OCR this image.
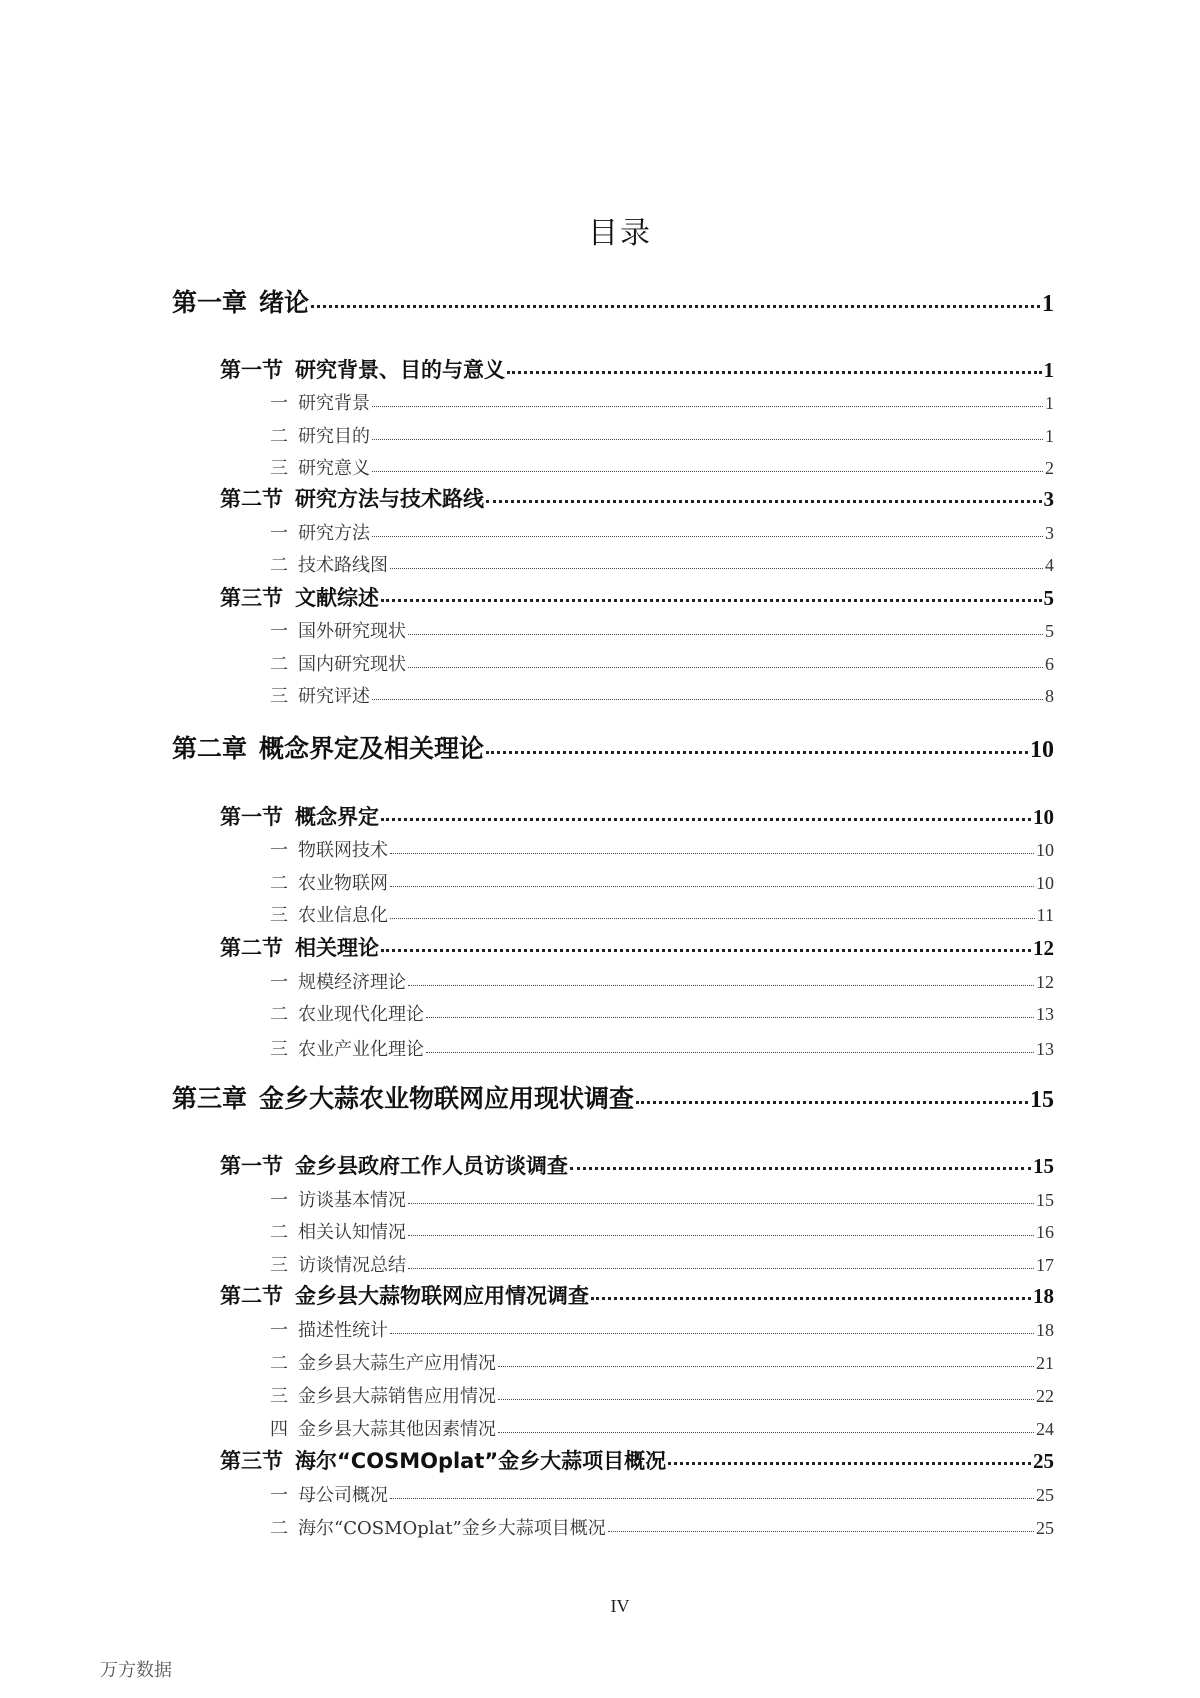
目录
第一章 绪论	1
第一节 研究背景、目的与意义	1
一 研究背景	1
二 研究目的	1
三 研究意义	2
第二节 研究方法与技术路线	3
一 研究方法	3
二 技术路线图	4
第三节 文献综述	5
一 国外研究现状	5
二 国内研究现状	6
三 研究评述	8
第二章 概念界定及相关理论	10
第一节 概念界定	10
一 物联网技术	10
二 农业物联网	10
三 农业信息化	11
第二节 相关理论	12
一 规模经济理论	12
二 农业现代化理论	13
三 农业产业化理论	13
第三章 金乡大蒜农业物联网应用现状调查	15
第一节 金乡县政府工作人员访谈调查	15
一 访谈基本情况	15
二 相关认知情况	16
三 访谈情况总结	17
第二节 金乡县大蒜物联网应用情况调查	18
一 描述性统计	18
二 金乡县大蒜生产应用情况	21
三 金乡县大蒜销售应用情况	22
四 金乡县大蒜其他因素情况	24
第三节 海尔“COSMOplat”金乡大蒜项目概况	25
一 母公司概况	25
二 海尔“COSMOplat”金乡大蒜项目概况	25
IV
万方数据
